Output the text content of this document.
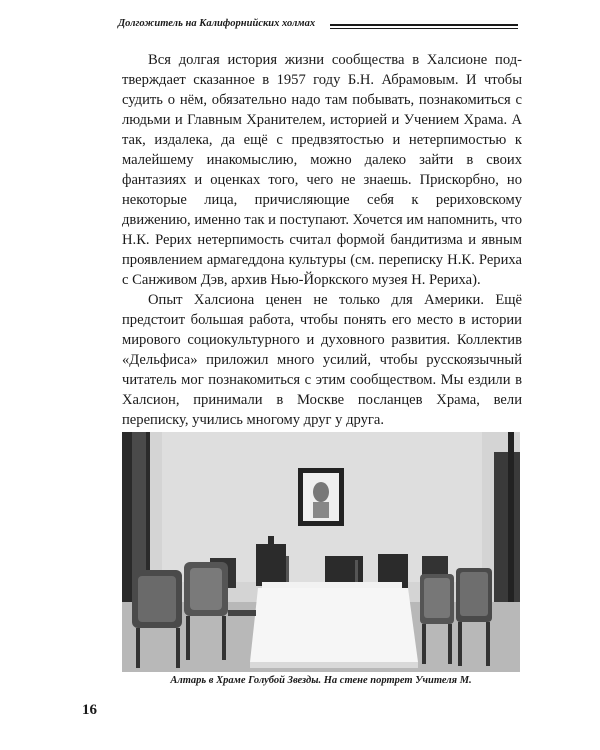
Долгожитель на Калифорнийских холмах

Вся долгая история жизни сообщества в Халсионе подтверждает сказанное в 1957 году Б.Н. Абрамовым. И чтобы судить о нём, обязательно надо там побывать, познакомиться с людьми и Главным Хранителем, историей и Учением Храма. А так, издалека, да ещё с предвзятостью и нетерпимостью к малейшему инакомыслию, можно далеко зайти в своих фантазиях и оценках того, чего не знаешь. Прискорбно, но некоторые лица, причисляющие себя к рериховскому движению, именно так и поступают. Хочется им напомнить, что Н.К. Рерих нетерпимость считал формой бандитизма и явным проявлением армагеддона культуры (см. переписку Н.К. Рериха с Санживом Дэв, архив Нью-Йоркского музея Н. Рериха).

Опыт Халсиона ценен не только для Америки. Ещё предстоит большая работа, чтобы понять его место в истории мирового социокультурного и духовного развития. Коллектив «Дельфиса» приложил много усилий, чтобы русскоязычный читатель мог познакомиться с этим сообществом. Мы ездили в Халсион, принимали в Москве посланцев Храма, вели переписку, учились многому друг у друга.

Алтарь в Храме Голубой Звезды. На стене портрет Учителя М.
16
